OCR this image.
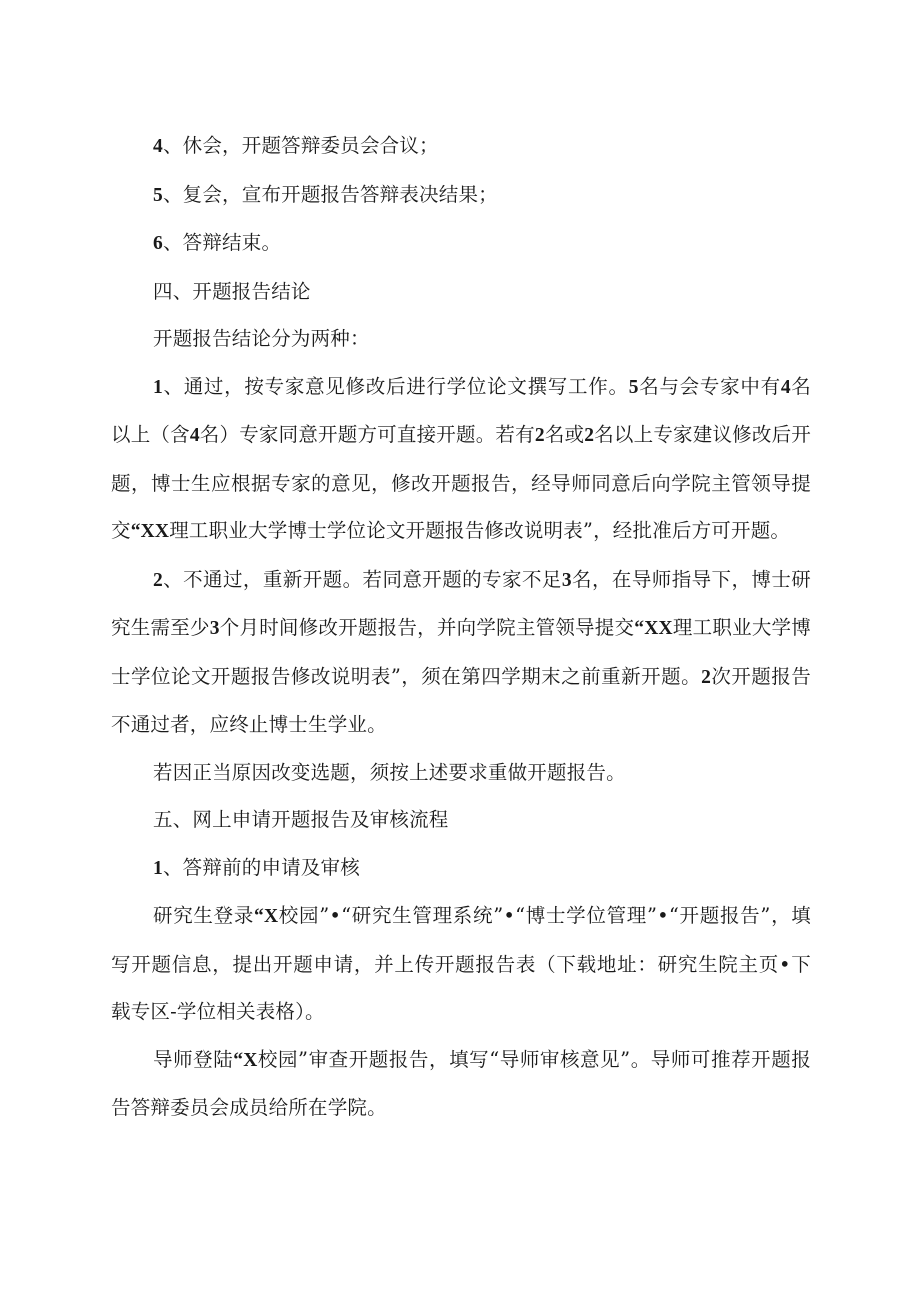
4、休会，开题答辩委员会合议；

5、复会，宣布开题报告答辩表决结果；

6、答辩结束。

四、开题报告结论

开题报告结论分为两种：

1、通过，按专家意见修改后进行学位论文撰写工作。5名与会专家中有4名以上（含4名）专家同意开题方可直接开题。若有2名或2名以上专家建议修改后开题，博士生应根据专家的意见，修改开题报告，经导师同意后向学院主管领导提交“XX理工职业大学博士学位论文开题报告修改说明表”，经批准后方可开题。

2、不通过，重新开题。若同意开题的专家不足3名，在导师指导下，博士研究生需至少3个月时间修改开题报告，并向学院主管领导提交“XX理工职业大学博士学位论文开题报告修改说明表”，须在第四学期末之前重新开题。2次开题报告不通过者，应终止博士生学业。

若因正当原因改变选题，须按上述要求重做开题报告。

五、网上申请开题报告及审核流程

1、答辩前的申请及审核

研究生登录“X校园”•“研究生管理系统”•“博士学位管理”•“开题报告”，填写开题信息，提出开题申请，并上传开题报告表（下载地址：研究生院主页•下载专区-学位相关表格）。

导师登陆“X校园”审查开题报告，填写“导师审核意见”。导师可推荐开题报告答辩委员会成员给所在学院。
